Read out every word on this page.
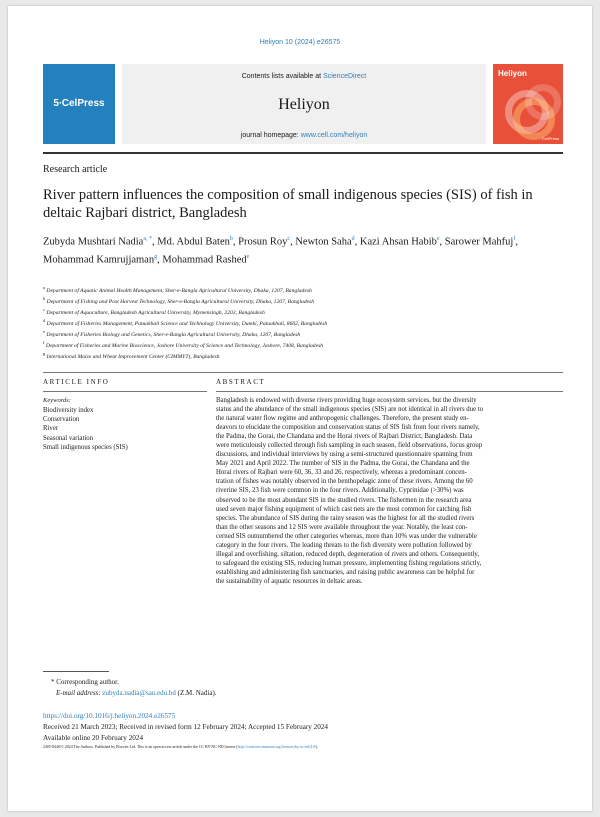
Heliyon 10 (2024) e26575
5∙CelPress
Contents lists available at ScienceDirect
Heliyon
journal homepage: www.cell.com/heliyon
Heliyon
CellPress
Research article
River pattern influences the composition of small indigenous species (SIS) of fish in deltaic Rajbari district, Bangladesh
Zubyda Mushtari Nadia$^{a, *}$, Md. Abdul Baten$^b$, Prosun Roy$^c$, Newton Saha$^d$, Kazi Ahsan Habib$^e$, Sarower Mahfuj$^f$, Mohammad Kamrujjaman$^g$, Mohammad Rashed$^e$
$^a$ Department of Aquatic Animal Health Management, Sher-e-Bangla Agricultural University, Dhaka, 1207, Bangladesh
$^b$ Department of Fishing and Post Harvest Technology, Sher-e-Bangla Agricultural University, Dhaka, 1207, Bangladesh
$^c$ Department of Aquaculture, Bangladesh Agricultural University, Mymensingh, 2202, Bangladesh
$^d$ Department of Fisheries Management, Patuakhali Science and Technology University, Dumki, Patuakhali, 8602, Bangladesh
$^e$ Department of Fisheries Biology and Genetics, Sher-e-Bangla Agricultural University, Dhaka, 1207, Bangladesh
$^f$ Department of Fisheries and Marine Bioscience, Jashore University of Science and Technology, Jashore, 7408, Bangladesh
$^g$ International Maize and Wheat Improvement Center (CIMMYT), Bangladesh
ARTICLE INFO	ABSTRACT
Keywords:
Biodiversity index
Conservation
River
Seasonal variation
Small indigenous species (SIS)
Bangladesh is endowed with diverse rivers providing huge ecosystem services, but the diversity
status and the abundance of the small indigenous species (SIS) are not identical in all rivers due to
the natural water flow regime and anthropogenic challenges. Therefore, the present study en-
deavors to elucidate the composition and conservation status of SIS fish from four rivers namely,
the Padma, the Gorai, the Chandana and the Horai rivers of Rajbari District, Bangladesh. Data
were meticulously collected through fish sampling in each season, field observations, focus group
discussions, and individual interviews by using a semi-structured questionnaire spanning from
May 2021 and April 2022. The number of SIS in the Padma, the Gorai, the Chandana and the
Horai rivers of Rajbari were 60, 36, 33 and 26, respectively, whereas a predominant concen-
tration of fishes was notably observed in the benthopelagic zone of these rivers. Among the 60
riverine SIS, 23 fish were common in the four rivers. Additionally, Cyprinidae (>30%) was
observed to be the most abundant SIS in the studied rivers. The fishermen in the research area
used seven major fishing equipment of which cast nets are the most common for catching fish
species. The abundance of SIS during the rainy season was the highest for all the studied rivers
than the other seasons and 12 SIS were available throughout the year. Notably, the least con-
cerned SIS outnumbered the other categories whereas, more than 10% was under the vulnerable
category in the four rivers. The leading threats to the fish diversity were pollution followed by
illegal and overfishing, siltation, reduced depth, degeneration of rivers and others. Consequently,
to safeguard the existing SIS, reducing human pressure, implementing fishing regulations strictly,
establishing and administering fish sanctuaries, and raising public awareness can be helpful for
the sustainability of aquatic resources in deltaic areas.
* Corresponding author.
E-mail address: zubyda.nadia@sau.edu.bd (Z.M. Nadia).
https://doi.org/10.1016/j.heliyon.2024.e26575
Received 21 March 2023; Received in revised form 12 February 2024; Accepted 15 February 2024
Available online 20 February 2024
2405-8440/© 2024 The Authors. Published by Elsevier Ltd. This is an open access article under the CC BY-NC-ND license (http://creativecommons.org/licenses/by-nc-nd/4.0/).
